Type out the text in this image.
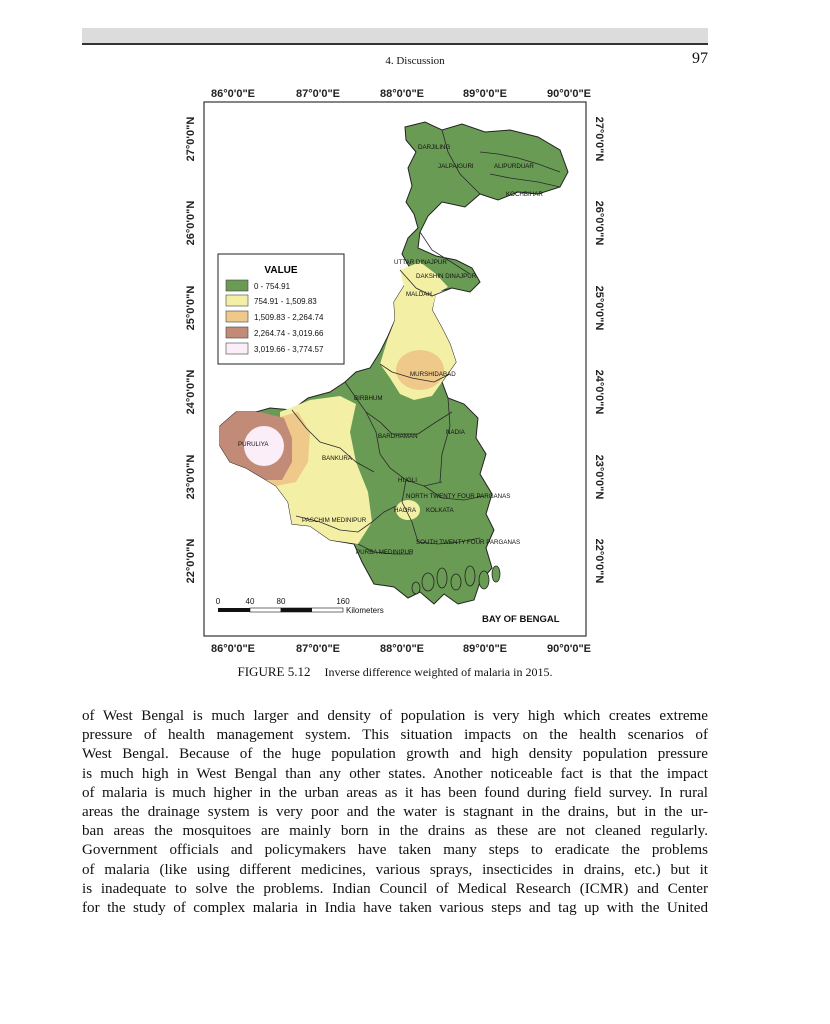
4. Discussion	97
86°0'0"E	87°0'0"E	88°0'0"E	89°0'0"E	90°0'0"E
86°0'0"E	87°0'0"E	88°0'0"E	89°0'0"E	90°0'0"E
27°0'0"N
26°0'0"N
25°0'0"N
24°0'0"N
23°0'0"N
22°0'0"N
27°0'0"N
26°0'0"N
25°0'0"N
24°0'0"N
23°0'0"N
22°0'0"N
VALUE
0 - 754.91
754.91 - 1,509.83
1,509.83 - 2,264.74
2,264.74 - 3,019.66
3,019.66 - 3,774.57
DARJILING
JALPAIGURI	ALIPURDUAR
KOCHBIHAR
UTTAR DINAJPUR
DAKSHIN DINAJPUR
MALDAH
MURSHIDABAD
BIRBHUM
BARDHAMAN
NADIA
PURULIYA
BANKURA
HUGLI
NORTH TWENTY FOUR PARGANAS
HAORA KOLKATA
PASCHIM MEDINIPUR
SOUTH TWENTY FOUR PARGANAS
PURBA MEDINIPUR
0	40	80	160
Kilometers
BAY OF BENGAL
FIGURE 5.12 Inverse difference weighted of malaria in 2015.
of West Bengal is much larger and density of population is very high which creates extreme
pressure of health management system. This situation impacts on the health scenarios of
West Bengal. Because of the huge population growth and high density population pressure
is much high in West Bengal than any other states. Another noticeable fact is that the impact
of malaria is much higher in the urban areas as it has been found during field survey. In rural
areas the drainage system is very poor and the water is stagnant in the drains, but in the ur-
ban areas the mosquitoes are mainly born in the drains as these are not cleaned regularly.
Government officials and policymakers have taken many steps to eradicate the problems
of malaria (like using different medicines, various sprays, insecticides in drains, etc.) but it
is inadequate to solve the problems. Indian Council of Medical Research (ICMR) and Center
for the study of complex malaria in India have taken various steps and tag up with the United
